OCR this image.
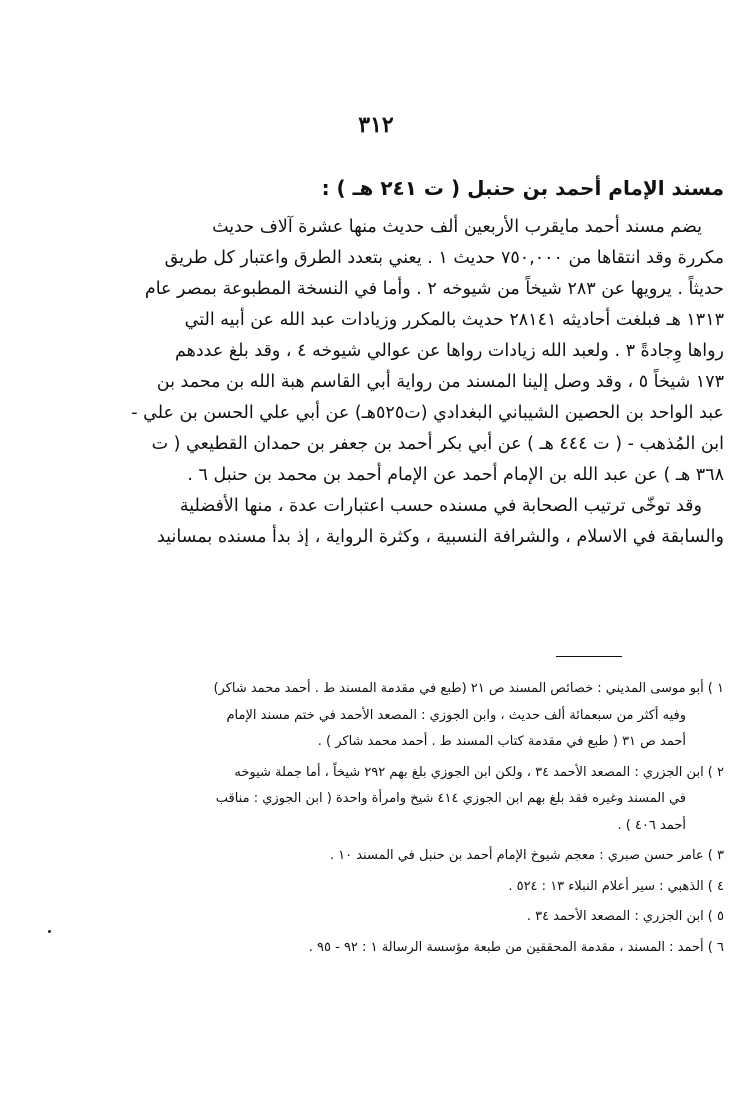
٣١٢
مسند الإمام أحمد بن حنبل ( ت ٢٤١ هـ ) :
يضم مسند أحمد مايقرب الأربعين ألف حديث منها عشرة آلاف حديث
مكررة وقد انتقاها من ٧٥٠,٠٠٠ حديث ١ . يعني بتعدد الطرق واعتبار كل طريق
حديثاً . يرويها عن ٢٨٣ شيخاً من شيوخه ٢ . وأما في النسخة المطبوعة بمصر عام
١٣١٣ هـ فبلغت أحاديثه ٢٨١٤١ حديث بالمكرر وزيادات عبد الله عن أبيه التي
رواها وِجادةً ٣ . ولعبد الله زيادات رواها عن عوالي شيوخه ٤ ، وقد بلغ عددهم
١٧٣ شيخاً ٥ ، وقد وصل إلينا المسند من رواية أبي القاسم هبة الله بن محمد بن
عبد الواحد بن الحصين الشيباني البغدادي (ت٥٢٥هـ) عن أبي علي الحسن بن علي -
ابن المُذهب - ( ت ٤٤٤ هـ ) عن أبي بكر أحمد بن جعفر بن حمدان القطيعي ( ت
٣٦٨ هـ ) عن عبد الله بن الإمام أحمد عن الإمام أحمد بن محمد بن حنبل ٦ .
وقد توخّى ترتيب الصحابة في مسنده حسب اعتبارات عدة ، منها الأفضلية
والسابقة في الاسلام ، والشرافة النسبية ، وكثرة الرواية ، إذ بدأ مسنده بمسانيد
١ ) أبو موسى المديني : خصائص المسند ص ٢١ (طبع في مقدمة المسند ط . أحمد محمد شاكر)
وفيه أكثر من سبعمائة ألف حديث ، وابن الجوزي : المصعد الأحمد في ختم مسند الإمام
أحمد ص ٣١ ( طبع في مقدمة كتاب المسند ط . أحمد محمد شاكر ) .
٢ ) ابن الجزري : المصعد الأحمد ٣٤ ، ولكن ابن الجوزي بلغ بهم ٢٩٢ شيخاً ، أما جملة شيوخه
في المسند وغيره فقد بلغ بهم ابن الجوزي ٤١٤ شيخ وامرأة واحدة ( ابن الجوزي : مناقب
أحمد ٤٠٦ ) .
٣ ) عامر حسن صبري : معجم شيوخ الإمام أحمد بن حنبل في المسند ١٠ .
٤ ) الذهبي : سير أعلام النبلاء ١٣ : ٥٢٤ .
٥ ) ابن الجزري : المصعد الأحمد ٣٤ .
٦ ) أحمد : المسند ، مقدمة المحققين من طبعة مؤسسة الرسالة ١ : ٩٢ - ٩٥ .
